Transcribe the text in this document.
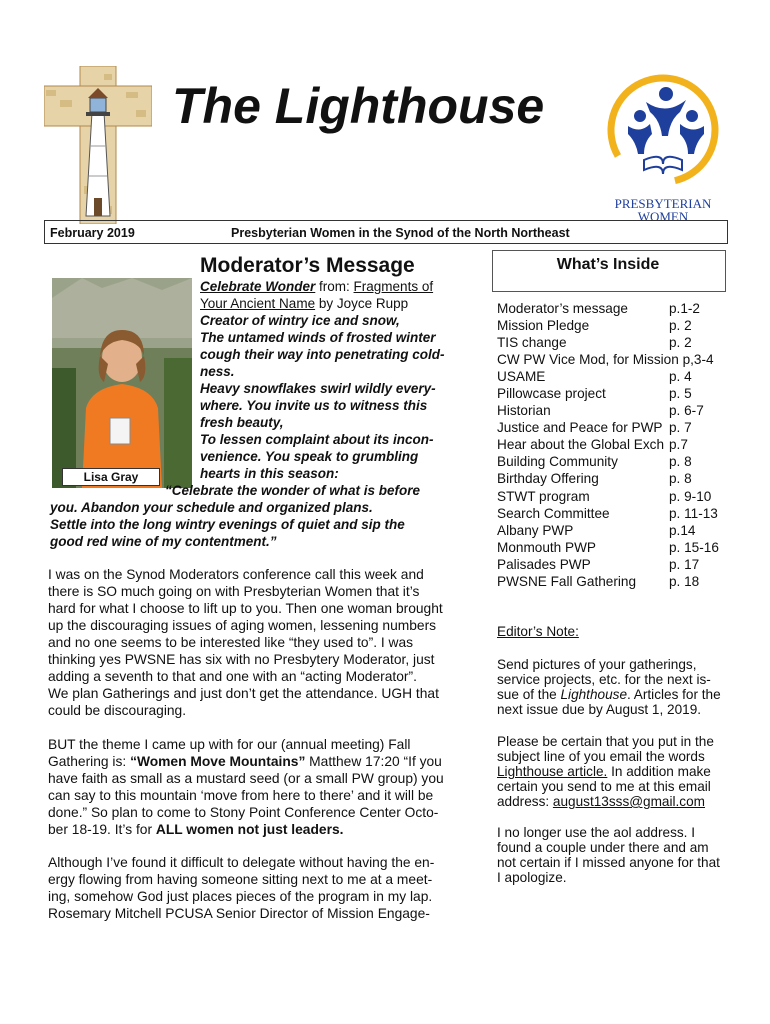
The Lighthouse
PRESBYTERIAN
WOMEN
February 2019	Presbyterian Women in the Synod of the North Northeast
Lisa Gray
Moderator’s Message
Celebrate Wonder from: Fragments of
Your Ancient Name by Joyce Rupp
Creator of wintry ice and snow,
The untamed winds of frosted winter
cough their way into penetrating cold-
ness.
Heavy snowflakes swirl wildly every-
where. You invite us to witness this
fresh beauty,
To lessen complaint about its incon-
venience. You speak to grumbling
hearts in this season:
“Celebrate the wonder of what is before
you. Abandon your schedule and organized plans.
Settle into the long wintry evenings of quiet and sip the
good red wine of my contentment.”
I was on the Synod Moderators conference call this week and
there is SO much going on with Presbyterian Women that it’s
hard for what I choose to lift up to you. Then one woman brought
up the discouraging issues of aging women, lessening numbers
and no one seems to be interested like “they used to”. I was
thinking yes PWSNE has six with no Presbytery Moderator, just
adding a seventh to that and one with an “acting Moderator”.
We plan Gatherings and just don’t get the attendance. UGH that
could be discouraging.
BUT the theme I came up with for our (annual meeting) Fall
Gathering is: “Women Move Mountains” Matthew 17:20 “If you
have faith as small as a mustard seed (or a small PW group) you
can say to this mountain ‘move from here to there’ and it will be
done.” So plan to come to Stony Point Conference Center Octo-
ber 18-19. It’s for ALL women not just leaders.
Although I’ve found it difficult to delegate without having the en-
ergy flowing from having someone sitting next to me at a meet-
ing, somehow God just places pieces of the program in my lap.
Rosemary Mitchell PCUSA Senior Director of Mission Engage-
What’s Inside
Moderator’s message	p.1-2
Mission Pledge	p. 2
TIS change	p. 2
CW PW Vice Mod, for Mission p,3-4
USAME	p. 4
Pillowcase project	p. 5
Historian	p. 6-7
Justice and Peace for PWP p. 7
Hear about the Global Exch p.7
Building Community	p. 8
Birthday Offering	p. 8
STWT program	p. 9-10
Search Committee	p. 11-13
Albany PWP	p.14
Monmouth PWP	p. 15-16
Palisades PWP	p. 17
PWSNE Fall Gathering p. 18
Editor’s Note:
Send pictures of your gatherings,
service projects, etc. for the next is-
sue of the Lighthouse. Articles for the
next issue due by August 1, 2019.
Please be certain that you put in the
subject line of you email the words
Lighthouse article. In addition make
certain you send to me at this email
address: august13sss@gmail.com
I no longer use the aol address. I
found a couple under there and am
not certain if I missed anyone for that
I apologize.
